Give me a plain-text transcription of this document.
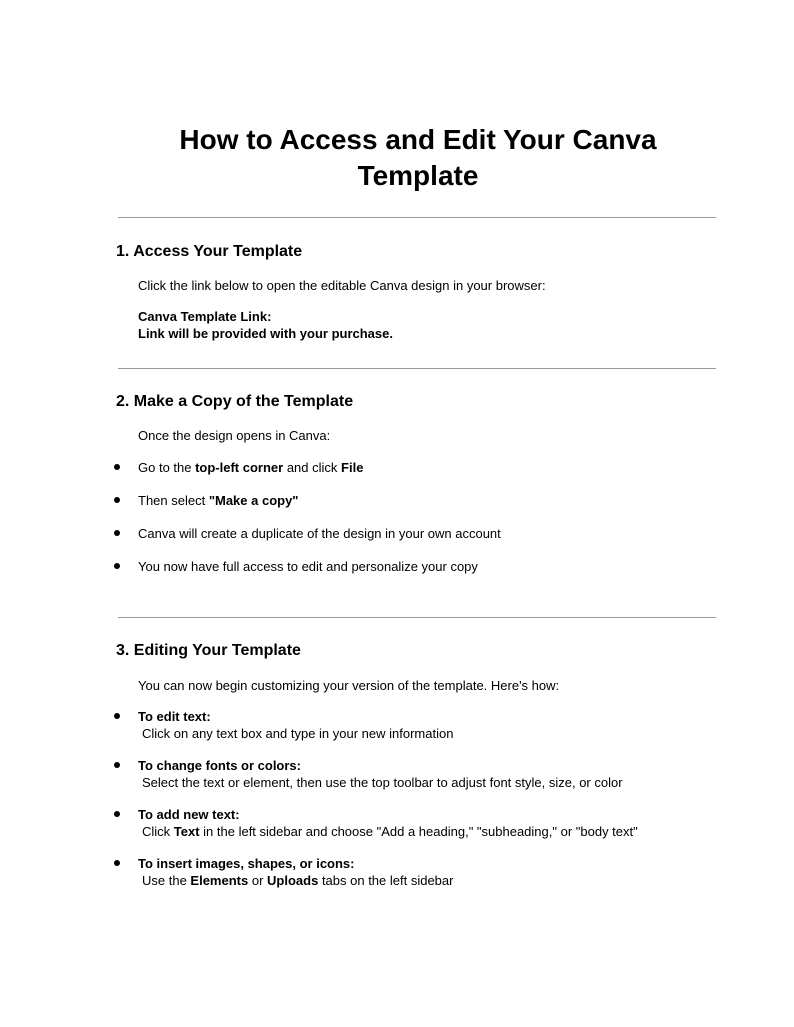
How to Access and Edit Your Canva Template
1. Access Your Template

Click the link below to open the editable Canva design in your browser:

Canva Template Link:

Link will be provided with your purchase.

2. Make a Copy of the Template

Once the design opens in Canva:

Go to the top-left corner and click File

Then select "Make a copy"

Canva will create a duplicate of the design in your own account

You now have full access to edit and personalize your copy

3. Editing Your Template

You can now begin customizing your version of the template. Here's how:

To edit text:
Click on any text box and type in your new information
To change fonts or colors:
Select the text or element, then use the top toolbar to adjust font style, size, or color
To add new text:
Click Text in the left sidebar and choose "Add a heading," "subheading," or "body text"
To insert images, shapes, or icons:
Use the Elements or Uploads tabs on the left sidebar
